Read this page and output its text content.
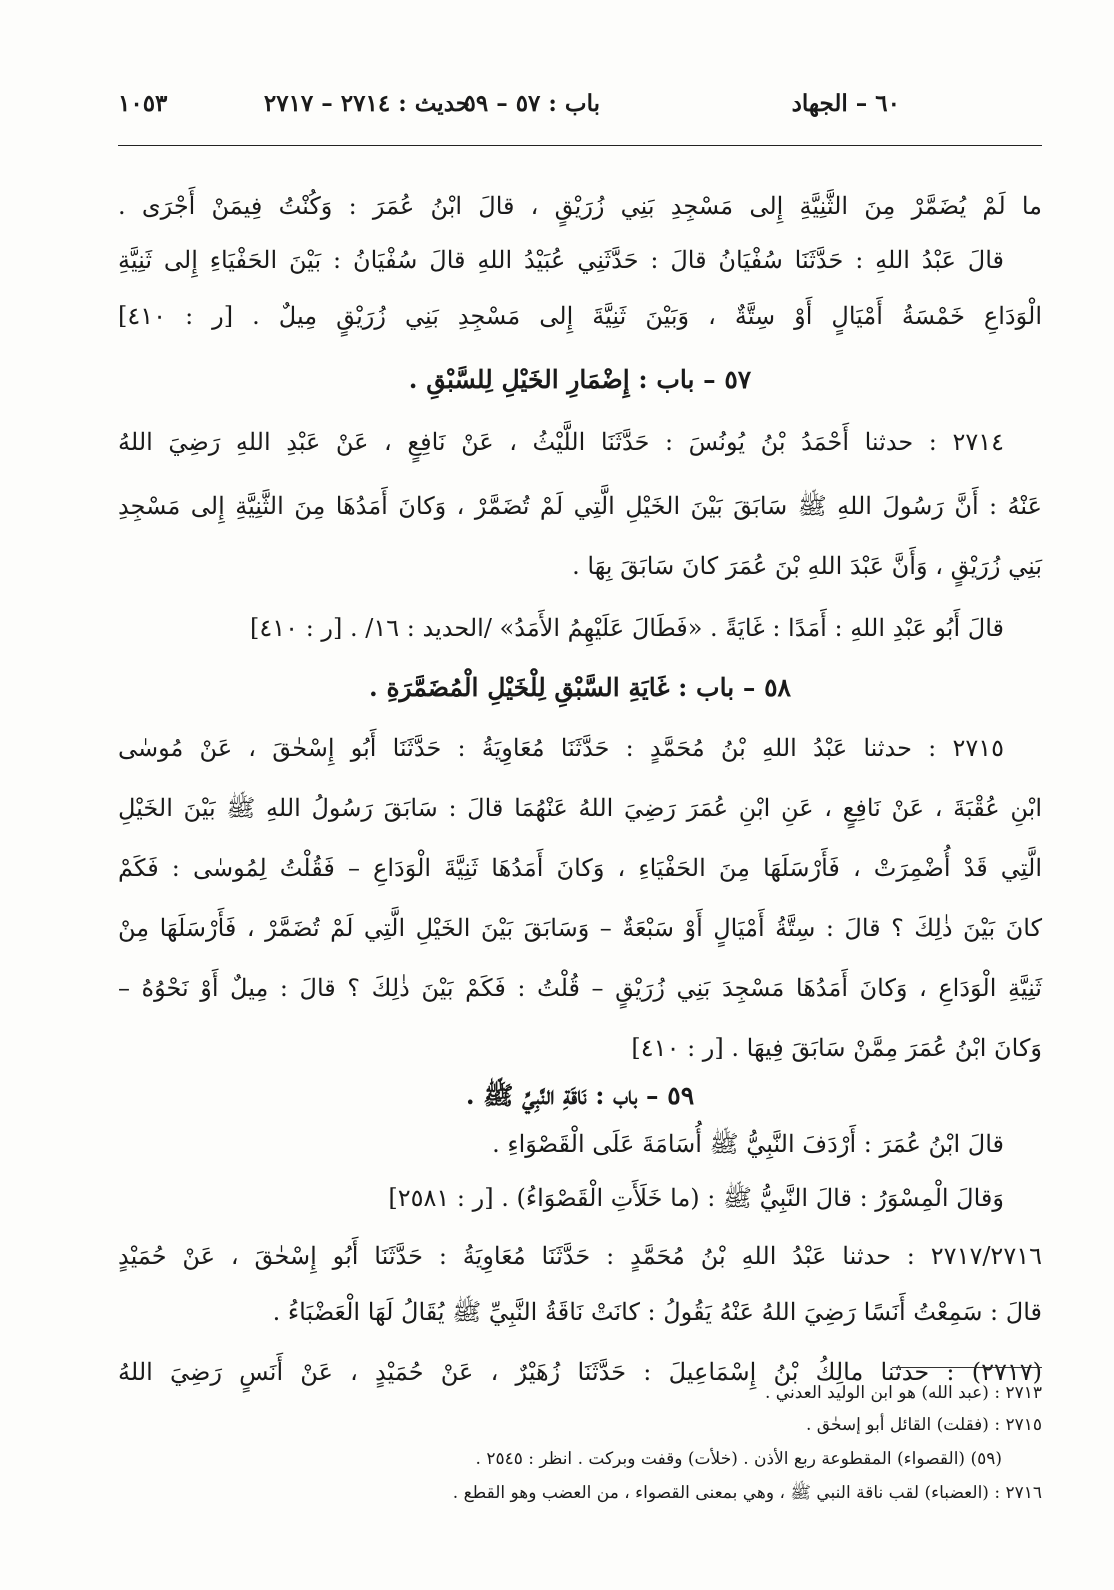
٦٠ – الجهاد
باب : ٥٧ – ٥٩
حديث : ٢٧١٤ – ٢٧١٧
١٠٥٣
ما لَمْ يُضَمَّرْ مِنَ الثَّنِيَّةِ إِلى مَسْجِدِ بَنِي زُرَيْقٍ ، قالَ ابْنُ عُمَرَ : وَكُنْتُ فِيمَنْ أَجْرَى .
قالَ عَبْدُ اللهِ : حَدَّثَنَا سُفْيَانُ قالَ : حَدَّثَنِي عُبَيْدُ اللهِ قالَ سُفْيَانُ : بَيْنَ الحَفْيَاءِ إِلى ثَنِيَّةِ
الْوَدَاعِ خَمْسَةُ أَمْيَالٍ أَوْ سِتَّةٌ ، وَبَيْنَ ثَنِيَّةَ إِلى مَسْجِدِ بَنِي زُرَيْقٍ مِيلٌ . [ر : ٤١٠]
٥٧ – باب : إِضْمَارِ الخَيْلِ لِلسَّبْقِ .
٢٧١٤ : حدثنا أَحْمَدُ بْنُ يُونُسَ : حَدَّثَنَا اللَّيْثُ ، عَنْ نَافِعٍ ، عَنْ عَبْدِ اللهِ رَضِيَ اللهُ
عَنْهُ : أَنَّ رَسُولَ اللهِ ﷺ سَابَقَ بَيْنَ الخَيْلِ الَّتِي لَمْ تُضَمَّرْ ، وَكانَ أَمَدُهَا مِنَ الثَّنِيَّةِ إِلى مَسْجِدِ
بَنِي زُرَيْقٍ ، وَأَنَّ عَبْدَ اللهِ بْنَ عُمَرَ كانَ سَابَقَ بِهَا .
قالَ أَبُو عَبْدِ اللهِ : أَمَدًا : غَايَةً . «فَطَالَ عَلَيْهِمُ الأَمَدُ» /الحديد : ١٦/ . [ر : ٤١٠]
٥٨ – باب : غَايَةِ السَّبْقِ لِلْخَيْلِ الْمُضَمَّرَةِ .
٢٧١٥ : حدثنا عَبْدُ اللهِ بْنُ مُحَمَّدٍ : حَدَّثَنَا مُعَاوِيَةُ : حَدَّثَنَا أَبُو إِسْحٰقَ ، عَنْ مُوسٰى
ابْنِ عُقْبَةَ ، عَنْ نَافِعٍ ، عَنِ ابْنِ عُمَرَ رَضِيَ اللهُ عَنْهُمَا قالَ : سَابَقَ رَسُولُ اللهِ ﷺ بَيْنَ الخَيْلِ
الَّتِي قَدْ أُضْمِرَتْ ، فَأَرْسَلَهَا مِنَ الحَفْيَاءِ ، وَكانَ أَمَدُهَا ثَنِيَّةَ الْوَدَاعِ – فَقُلْتُ لِمُوسٰى : فَكَمْ
كانَ بَيْنَ ذٰلِكَ ؟ قالَ : سِتَّةُ أَمْيَالٍ أَوْ سَبْعَةٌ – وَسَابَقَ بَيْنَ الخَيْلِ الَّتِي لَمْ تُضَمَّرْ ، فَأَرْسَلَهَا مِنْ
ثَنِيَّةِ الْوَدَاعِ ، وَكانَ أَمَدُهَا مَسْجِدَ بَنِي زُرَيْقٍ – قُلْتُ : فَكَمْ بَيْنَ ذٰلِكَ ؟ قالَ : مِيلٌ أَوْ نَحْوُهُ –
وَكانَ ابْنُ عُمَرَ مِمَّنْ سَابَقَ فِيهَا . [ر : ٤١٠]
٥٩ – باب : نَاقَةِ النَّبِيِّ ﷺ .
قالَ ابْنُ عُمَرَ : أَرْدَفَ النَّبِيُّ ﷺ أُسَامَةَ عَلَى الْقَصْوَاءِ .
وَقالَ الْمِسْوَرُ : قالَ النَّبِيُّ ﷺ : (ما خَلَأَتِ الْقَصْوَاءُ) . [ر : ٢٥٨١]
٢٧١٧/٢٧١٦ : حدثنا عَبْدُ اللهِ بْنُ مُحَمَّدٍ : حَدَّثَنَا مُعَاوِيَةُ : حَدَّثَنَا أَبُو إِسْحٰقَ ، عَنْ حُمَيْدٍ
قالَ : سَمِعْتُ أَنَسًا رَضِيَ اللهُ عَنْهُ يَقُولُ : كانَتْ نَاقَةُ النَّبِيِّ ﷺ يُقَالُ لَهَا الْعَضْبَاءُ .
(٢٧١٧) : حدثنا مالِكُ بْنُ إِسْمَاعِيلَ : حَدَّثَنَا زُهَيْرٌ ، عَنْ حُمَيْدٍ ، عَنْ أَنَسٍ رَضِيَ اللهُ
٢٧١٣ : (عبد الله) هو ابن الوليد العدني .
٢٧١٥ : (فقلت) القائل أبو إسحٰق .
(٥٩) (القصواء) المقطوعة ربع الأذن . (خلأت) وقفت وبركت . انظر : ٢٥٤٥ .
٢٧١٦ : (العضباء) لقب ناقة النبي ﷺ ، وهي بمعنى القصواء ، من العضب وهو القطع .
